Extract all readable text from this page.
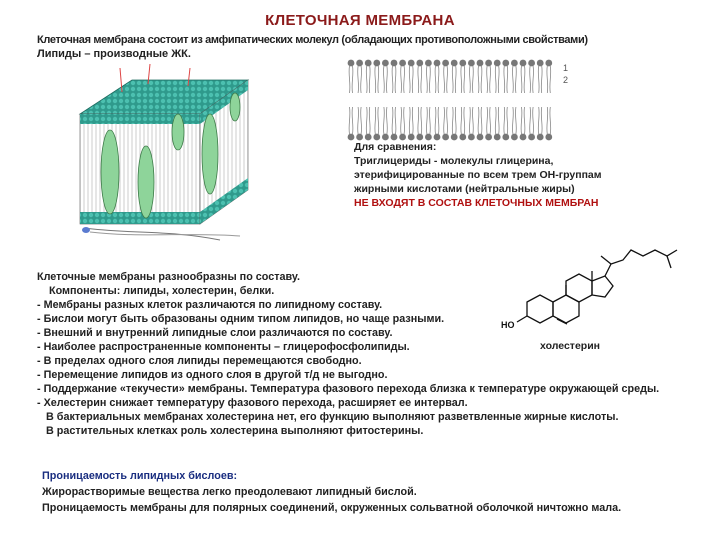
КЛЕТОЧНАЯ МЕМБРАНА
Клеточная мембрана состоит из амфипатических молекул (обладающих противоположными свойствами)
Липиды – производные ЖК.
1
2
Для сравнения:
Триглицериды - молекулы глицерина,
этерифицированные по всем трем ОН-группам
жирными кислотами (нейтральные жиры)
НЕ ВХОДЯТ В СОСТАВ КЛЕТОЧНЫХ МЕМБРАН
HO
холестерин
Клеточные мембраны разнообразны по составу.
Компоненты: липиды, холестерин, белки.
- Мембраны разных клеток различаются по липидному составу.
- Бислои могут быть образованы одним типом липидов, но чаще разными.
- Внешний и внутренний липидные слои различаются по составу.
- Наиболее распространенные компоненты – глицерофосфолипиды.
- В пределах одного слоя липиды перемещаются свободно.
- Перемещение липидов из одного слоя в другой т/д не выгодно.
- Поддержание «текучести» мембраны. Температура фазового перехода близка к температуре окружающей среды.
- Хелестерин снижает температуру фазового перехода, расширяет ее интервал.
В бактериальных мембранах холестерина нет, его функцию выполняют разветвленные жирные кислоты.
В растительных клетках роль холестерина выполняют фитостерины.
Проницаемость липидных бислоев:
Жирорастворимые вещества легко преодолевают липидный бислой.
Проницаемость мембраны для полярных соединений, окруженных сольватной оболочкой ничтожно мала.
